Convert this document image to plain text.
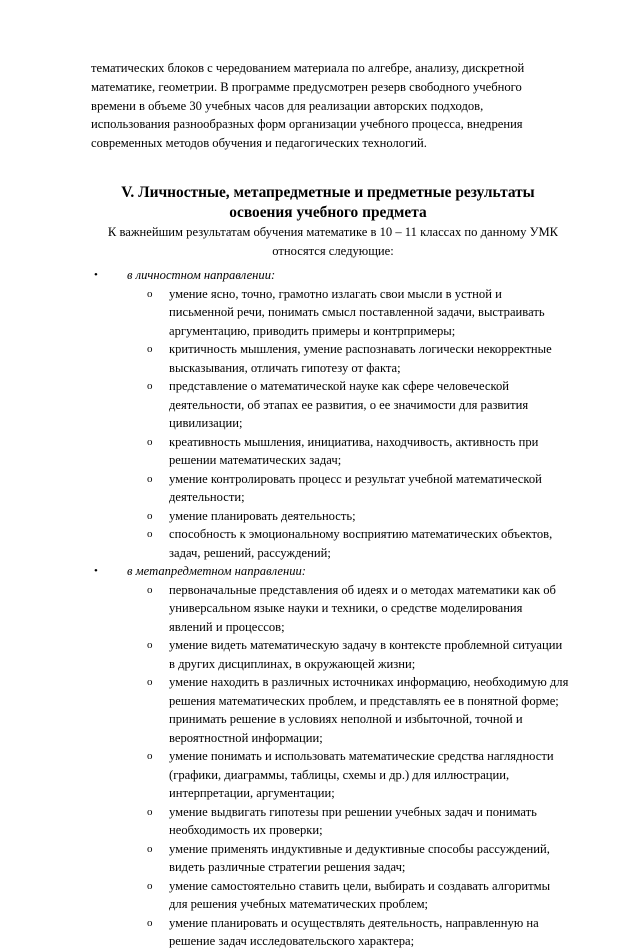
тематических блоков с чередованием материала по алгебре, анализу, дискретной математике, геометрии. В программе предусмотрен резерв свободного учебного времени в объеме 30 учебных часов для реализации авторских подходов, использования разнообразных форм организации учебного процесса, внедрения современных методов обучения и педагогических технологий.

V. Личностные, метапредметные и предметные результаты освоения учебного предмета

К важнейшим результатам обучения математике в 10 – 11 классах по данному УМК относятся следующие:

• в личностном направлении:
o умение ясно, точно, грамотно излагать свои мысли в устной и письменной речи, понимать смысл поставленной задачи, выстраивать аргументацию, приводить примеры и контрпримеры;
o критичность мышления, умение распознавать логически некорректные высказывания, отличать гипотезу от факта;
o представление о математической науке как сфере человеческой деятельности, об этапах ее развития, о ее значимости для развития цивилизации;
o креативность мышления, инициатива, находчивость, активность при решении математических задач;
o умение контролировать процесс и результат учебной математической деятельности;
o умение планировать деятельность;
o способность к эмоциональному восприятию математических объектов, задач, решений, рассуждений;
• в метапредметном направлении:
o первоначальные представления об идеях и о методах математики как об универсальном языке науки и техники, о средстве моделирования явлений и процессов;
o умение видеть математическую задачу в контексте проблемной ситуации в других дисциплинах, в окружающей жизни;
o умение находить в различных источниках информацию, необходимую для решения математических проблем, и представлять ее в понятной форме; принимать решение в условиях неполной и избыточной, точной и вероятностной информации;
o умение понимать и использовать математические средства наглядности (графики, диаграммы, таблицы, схемы и др.) для иллюстрации, интерпретации, аргументации;
o умение выдвигать гипотезы при решении учебных задач и понимать необходимость их проверки;
o умение применять индуктивные и дедуктивные способы рассуждений, видеть различные стратегии решения задач;
o умение самостоятельно ставить цели, выбирать и создавать алгоритмы для решения учебных математических проблем;
o умение планировать и осуществлять деятельность, направленную на решение задач исследовательского характера;
